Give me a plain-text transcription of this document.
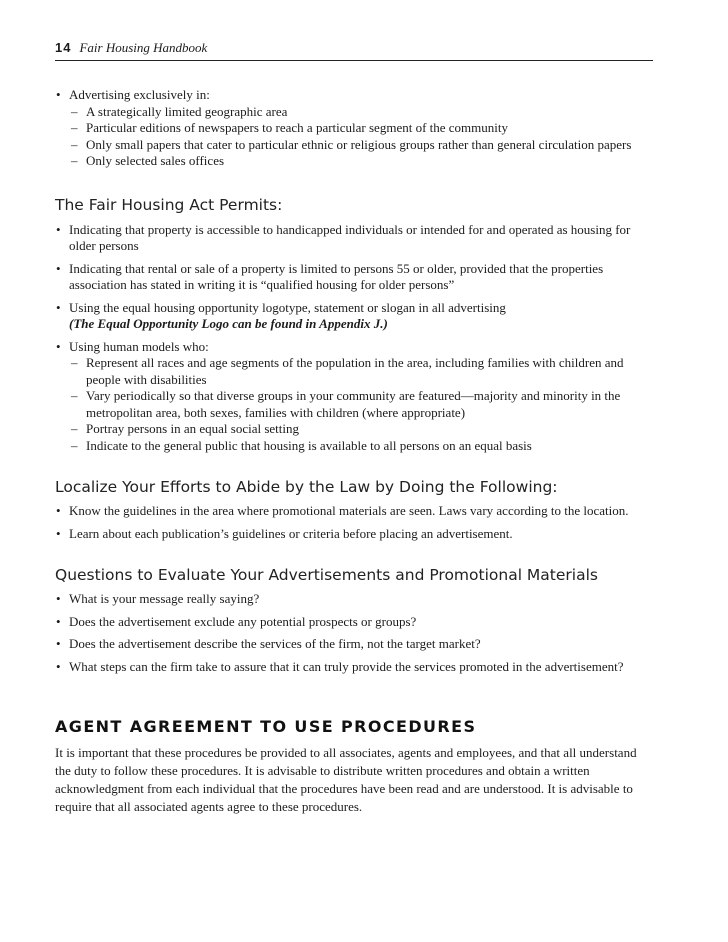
14 Fair Housing Handbook
• Advertising exclusively in:
– A strategically limited geographic area
– Particular editions of newspapers to reach a particular segment of the community
– Only small papers that cater to particular ethnic or religious groups rather than general circulation papers
– Only selected sales offices
The Fair Housing Act Permits:
• Indicating that property is accessible to handicapped individuals or intended for and operated as housing for older persons
• Indicating that rental or sale of a property is limited to persons 55 or older, provided that the properties association has stated in writing it is “qualified housing for older persons”
• Using the equal housing opportunity logotype, statement or slogan in all advertising
(The Equal Opportunity Logo can be found in Appendix J.)
• Using human models who:
– Represent all races and age segments of the population in the area, including families with children and people with disabilities
– Vary periodically so that diverse groups in your community are featured—majority and minority in the metropolitan area, both sexes, families with children (where appropriate)
– Portray persons in an equal social setting
– Indicate to the general public that housing is available to all persons on an equal basis
Localize Your Efforts to Abide by the Law by Doing the Following:
• Know the guidelines in the area where promotional materials are seen. Laws vary according to the location.
• Learn about each publication’s guidelines or criteria before placing an advertisement.
Questions to Evaluate Your Advertisements and Promotional Materials
• What is your message really saying?
• Does the advertisement exclude any potential prospects or groups?
• Does the advertisement describe the services of the firm, not the target market?
• What steps can the firm take to assure that it can truly provide the services promoted in the advertisement?
AGENT AGREEMENT TO USE PROCEDURES

It is important that these procedures be provided to all associates, agents and employees, and that all understand the duty to follow these procedures. It is advisable to distribute written procedures and obtain a written acknowledgment from each individual that the procedures have been read and are understood. It is advisable to require that all associated agents agree to these procedures.
